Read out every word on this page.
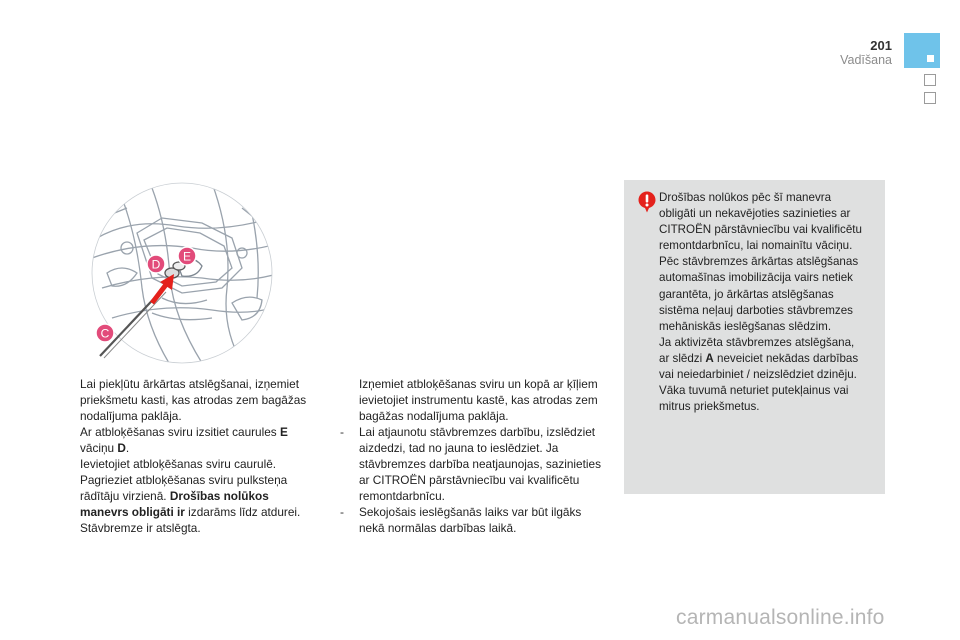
201
Vadīšana
C
D
E
Lai piekļūtu ārkārtas atslēgšanai, izņemiet priekšmetu kasti, kas atrodas zem bagāžas nodalījuma paklāja.
Ar atbloķēšanas sviru izsitiet caurules E vāciņu D.
Ievietojiet atbloķēšanas sviru caurulē.
Pagrieziet atbloķēšanas sviru pulksteņa rādītāju virzienā. Drošības nolūkos manevrs obligāti ir izdarāms līdz atdurei. Stāvbremze ir atslēgta.
Izņemiet atbloķēšanas sviru un kopā ar ķīļiem ievietojiet instrumentu kastē, kas atrodas zem bagāžas nodalījuma paklāja.
-	Lai atjaunotu stāvbremzes darbību, izslēdziet aizdedzi, tad no jauna to ieslēdziet. Ja stāvbremzes darbība neatjaunojas, sazinieties ar CITROËN pārstāvniecību vai kvalificētu remontdarbnīcu.
-	Sekojošais ieslēgšanās laiks var būt ilgāks nekā normālas darbības laikā.
Drošības nolūkos pēc šī manevra
obligāti un nekavējoties sazinieties ar
CITROËN pārstāvniecību vai kvalificētu
remontdarbnīcu, lai nomainītu vāciņu.
Pēc stāvbremzes ārkārtas atslēgšanas
automašīnas imobilizācija vairs netiek
garantēta, jo ārkārtas atslēgšanas
sistēma neļauj darboties stāvbremzes
mehāniskās ieslēgšanas slēdzim.
Ja aktivizēta stāvbremzes atslēgšana,
ar slēdzi A neveiciet nekādas darbības
vai neiedarbiniet / neizslēdziet dzinēju.
Vāka tuvumā neturiet putekļainus vai
mitrus priekšmetus.
carmanualsonline.info
